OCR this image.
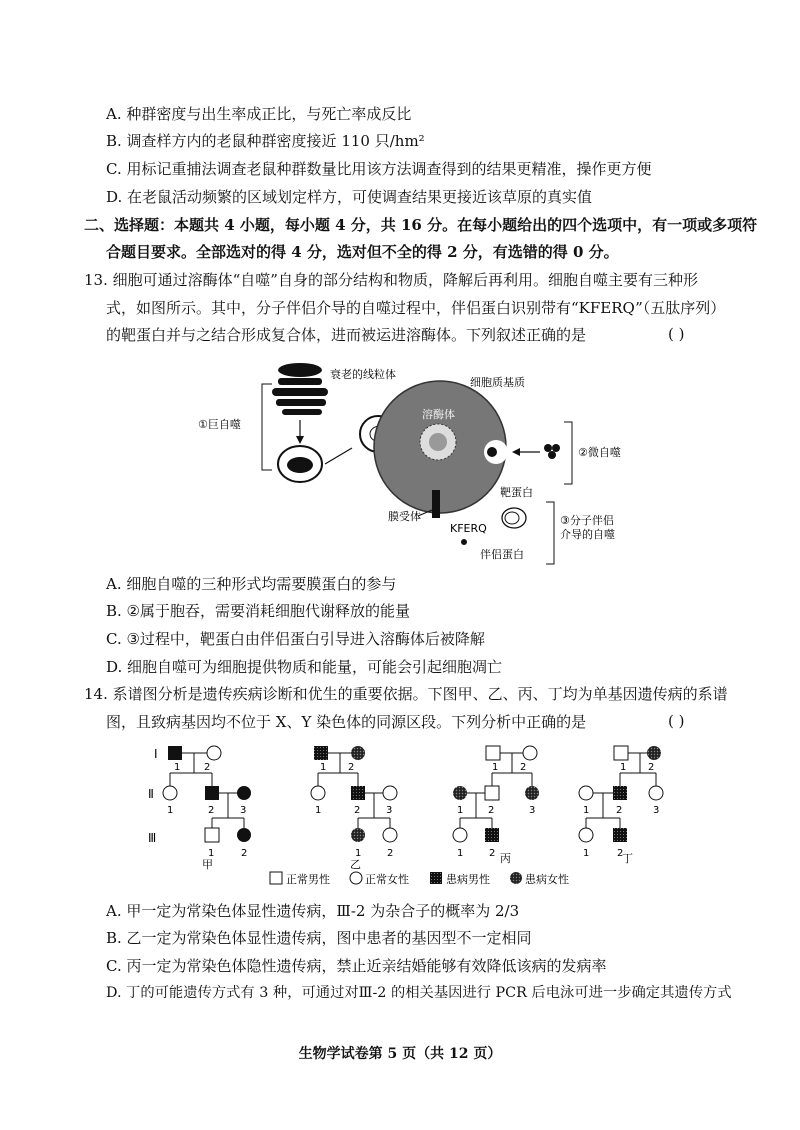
A. 种群密度与出生率成正比，与死亡率成反比
B. 调查样方内的老鼠种群密度接近 110 只/hm²
C. 用标记重捕法调查老鼠种群数量比用该方法调查得到的结果更精准，操作更方便
D. 在老鼠活动频繁的区域划定样方，可使调查结果更接近该草原的真实值
二、选择题：本题共 4 小题，每小题 4 分，共 16 分。在每小题给出的四个选项中，有一项或多项符
合题目要求。全部选对的得 4 分，选对但不全的得 2 分，有选错的得 0 分。
13. 细胞可通过溶酶体“自噬”自身的部分结构和物质，降解后再利用。细胞自噬主要有三种形
式，如图所示。其中，分子伴侣介导的自噬过程中，伴侣蛋白识别带有“KFERQ”（五肽序列）
的靶蛋白并与之结合形成复合体，进而被运进溶酶体。下列叙述正确的是	( )
衰老的线粒体
①巨自噬
溶酶体
细胞质基质
②微自噬
膜受体
KFERQ
靶蛋白
伴侣蛋白
③分子伴侣
介导的自噬
A. 细胞自噬的三种形式均需要膜蛋白的参与
B. ②属于胞吞，需要消耗细胞代谢释放的能量
C. ③过程中，靶蛋白由伴侣蛋白引导进入溶酶体后被降解
D. 细胞自噬可为细胞提供物质和能量，可能会引起细胞凋亡
14. 系谱图分析是遗传疾病诊断和优生的重要依据。下图甲、乙、丙、丁均为单基因遗传病的系谱
图，且致病基因均不位于 X、Y 染色体的同源区段。下列分析中正确的是	( )
Ⅰ
Ⅱ
Ⅲ
1 2
1	2	3
1	2
甲
1 2
1	2	3
1	2
乙
1 2
1 2	3
1	2 丙
1 2
1	2	3
1	2
丁
正常男性	正常女性	患病男性	患病女性
A. 甲一定为常染色体显性遗传病，Ⅲ-2 为杂合子的概率为 2/3
B. 乙一定为常染色体显性遗传病，图中患者的基因型不一定相同
C. 丙一定为常染色体隐性遗传病，禁止近亲结婚能够有效降低该病的发病率
D. 丁的可能遗传方式有 3 种，可通过对Ⅲ-2 的相关基因进行 PCR 后电泳可进一步确定其遗传方式
生物学试卷第 5 页（共 12 页）
